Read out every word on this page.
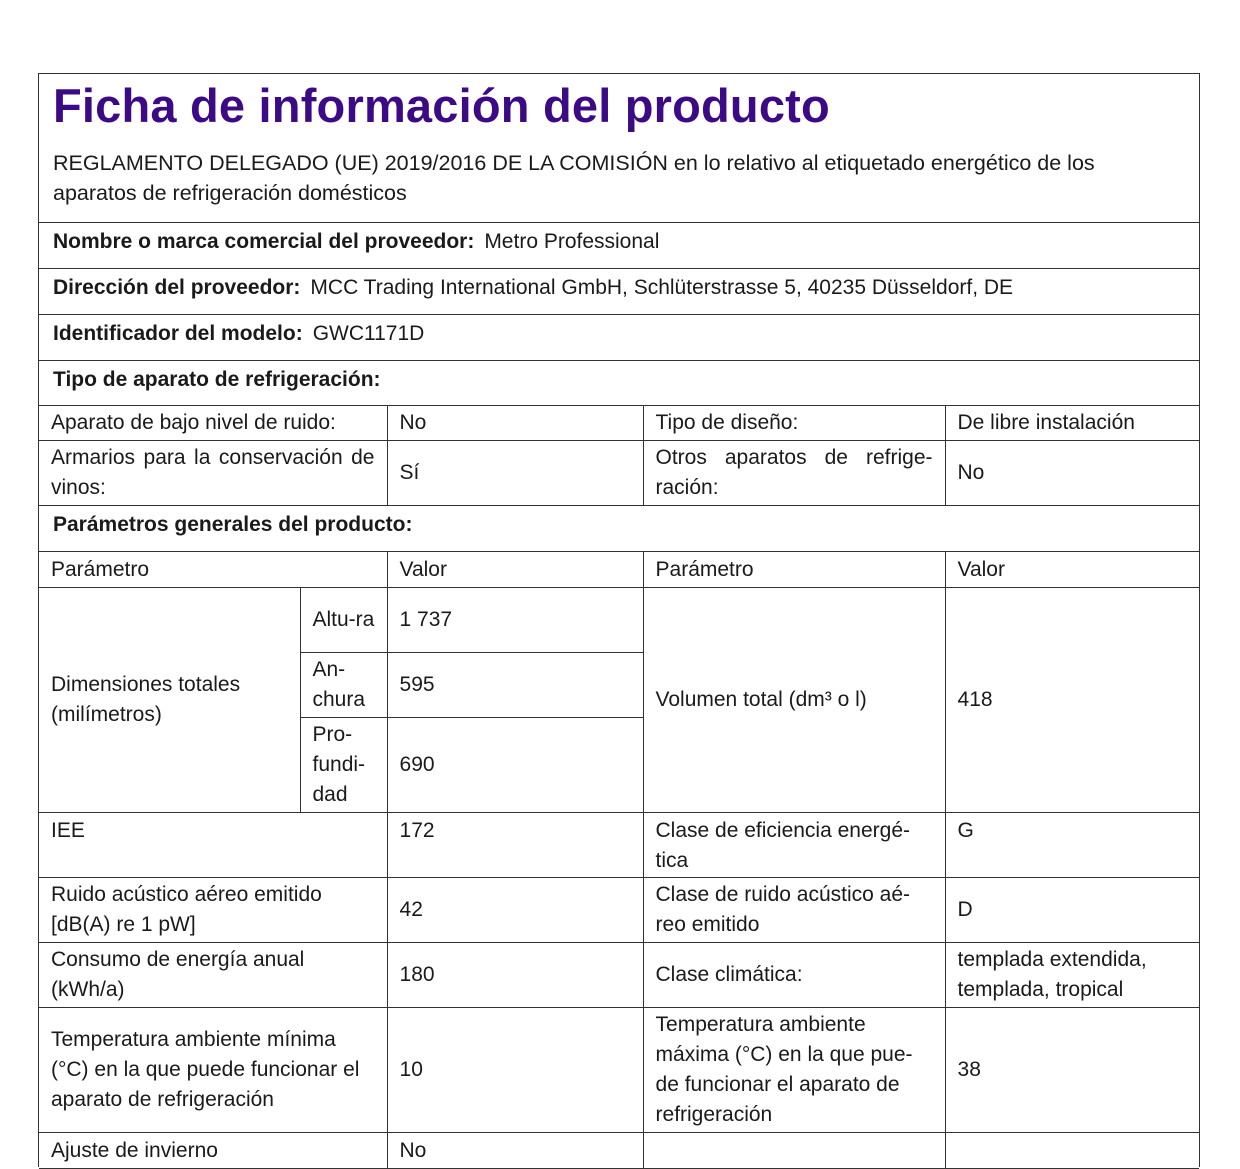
Ficha de información del producto
REGLAMENTO DELEGADO (UE) 2019/2016 DE LA COMISIÓN en lo relativo al etiquetado energético de los aparatos de refrigeración domésticos
Nombre o marca comercial del proveedor: Metro Professional
Dirección del proveedor: MCC Trading International GmbH, Schlüterstrasse 5, 40235 Düsseldorf, DE
Identificador del modelo: GWC1171D
Tipo de aparato de refrigeración:
Aparato de bajo nivel de ruido:	No	Tipo de diseño:	De libre instalación
Armarios para la conservación de vinos:	Sí	Otros aparatos de refrige-ración:	No
Parámetros generales del producto:
Parámetro		Valor	Parámetro	Valor
Dimensiones totales (milímetros)	Altu-ra	1 737	Volumen total (dm³ o l)	418
	An-chura	595		
	Pro-fundi-dad	690		
IEE		172	Clase de eficiencia energé-tica	G
Ruido acústico aéreo emitido [dB(A) re 1 pW]		42	Clase de ruido acústico aé-reo emitido	D
Consumo de energía anual (kWh/a)		180	Clase climática:	templada extendida, templada, tropical
Temperatura ambiente mínima (°C) en la que puede funcionar el aparato de refrigeración		10	Temperatura ambiente máxima (°C) en la que pue-de funcionar el aparato de refrigeración	38
Ajuste de invierno		No		
